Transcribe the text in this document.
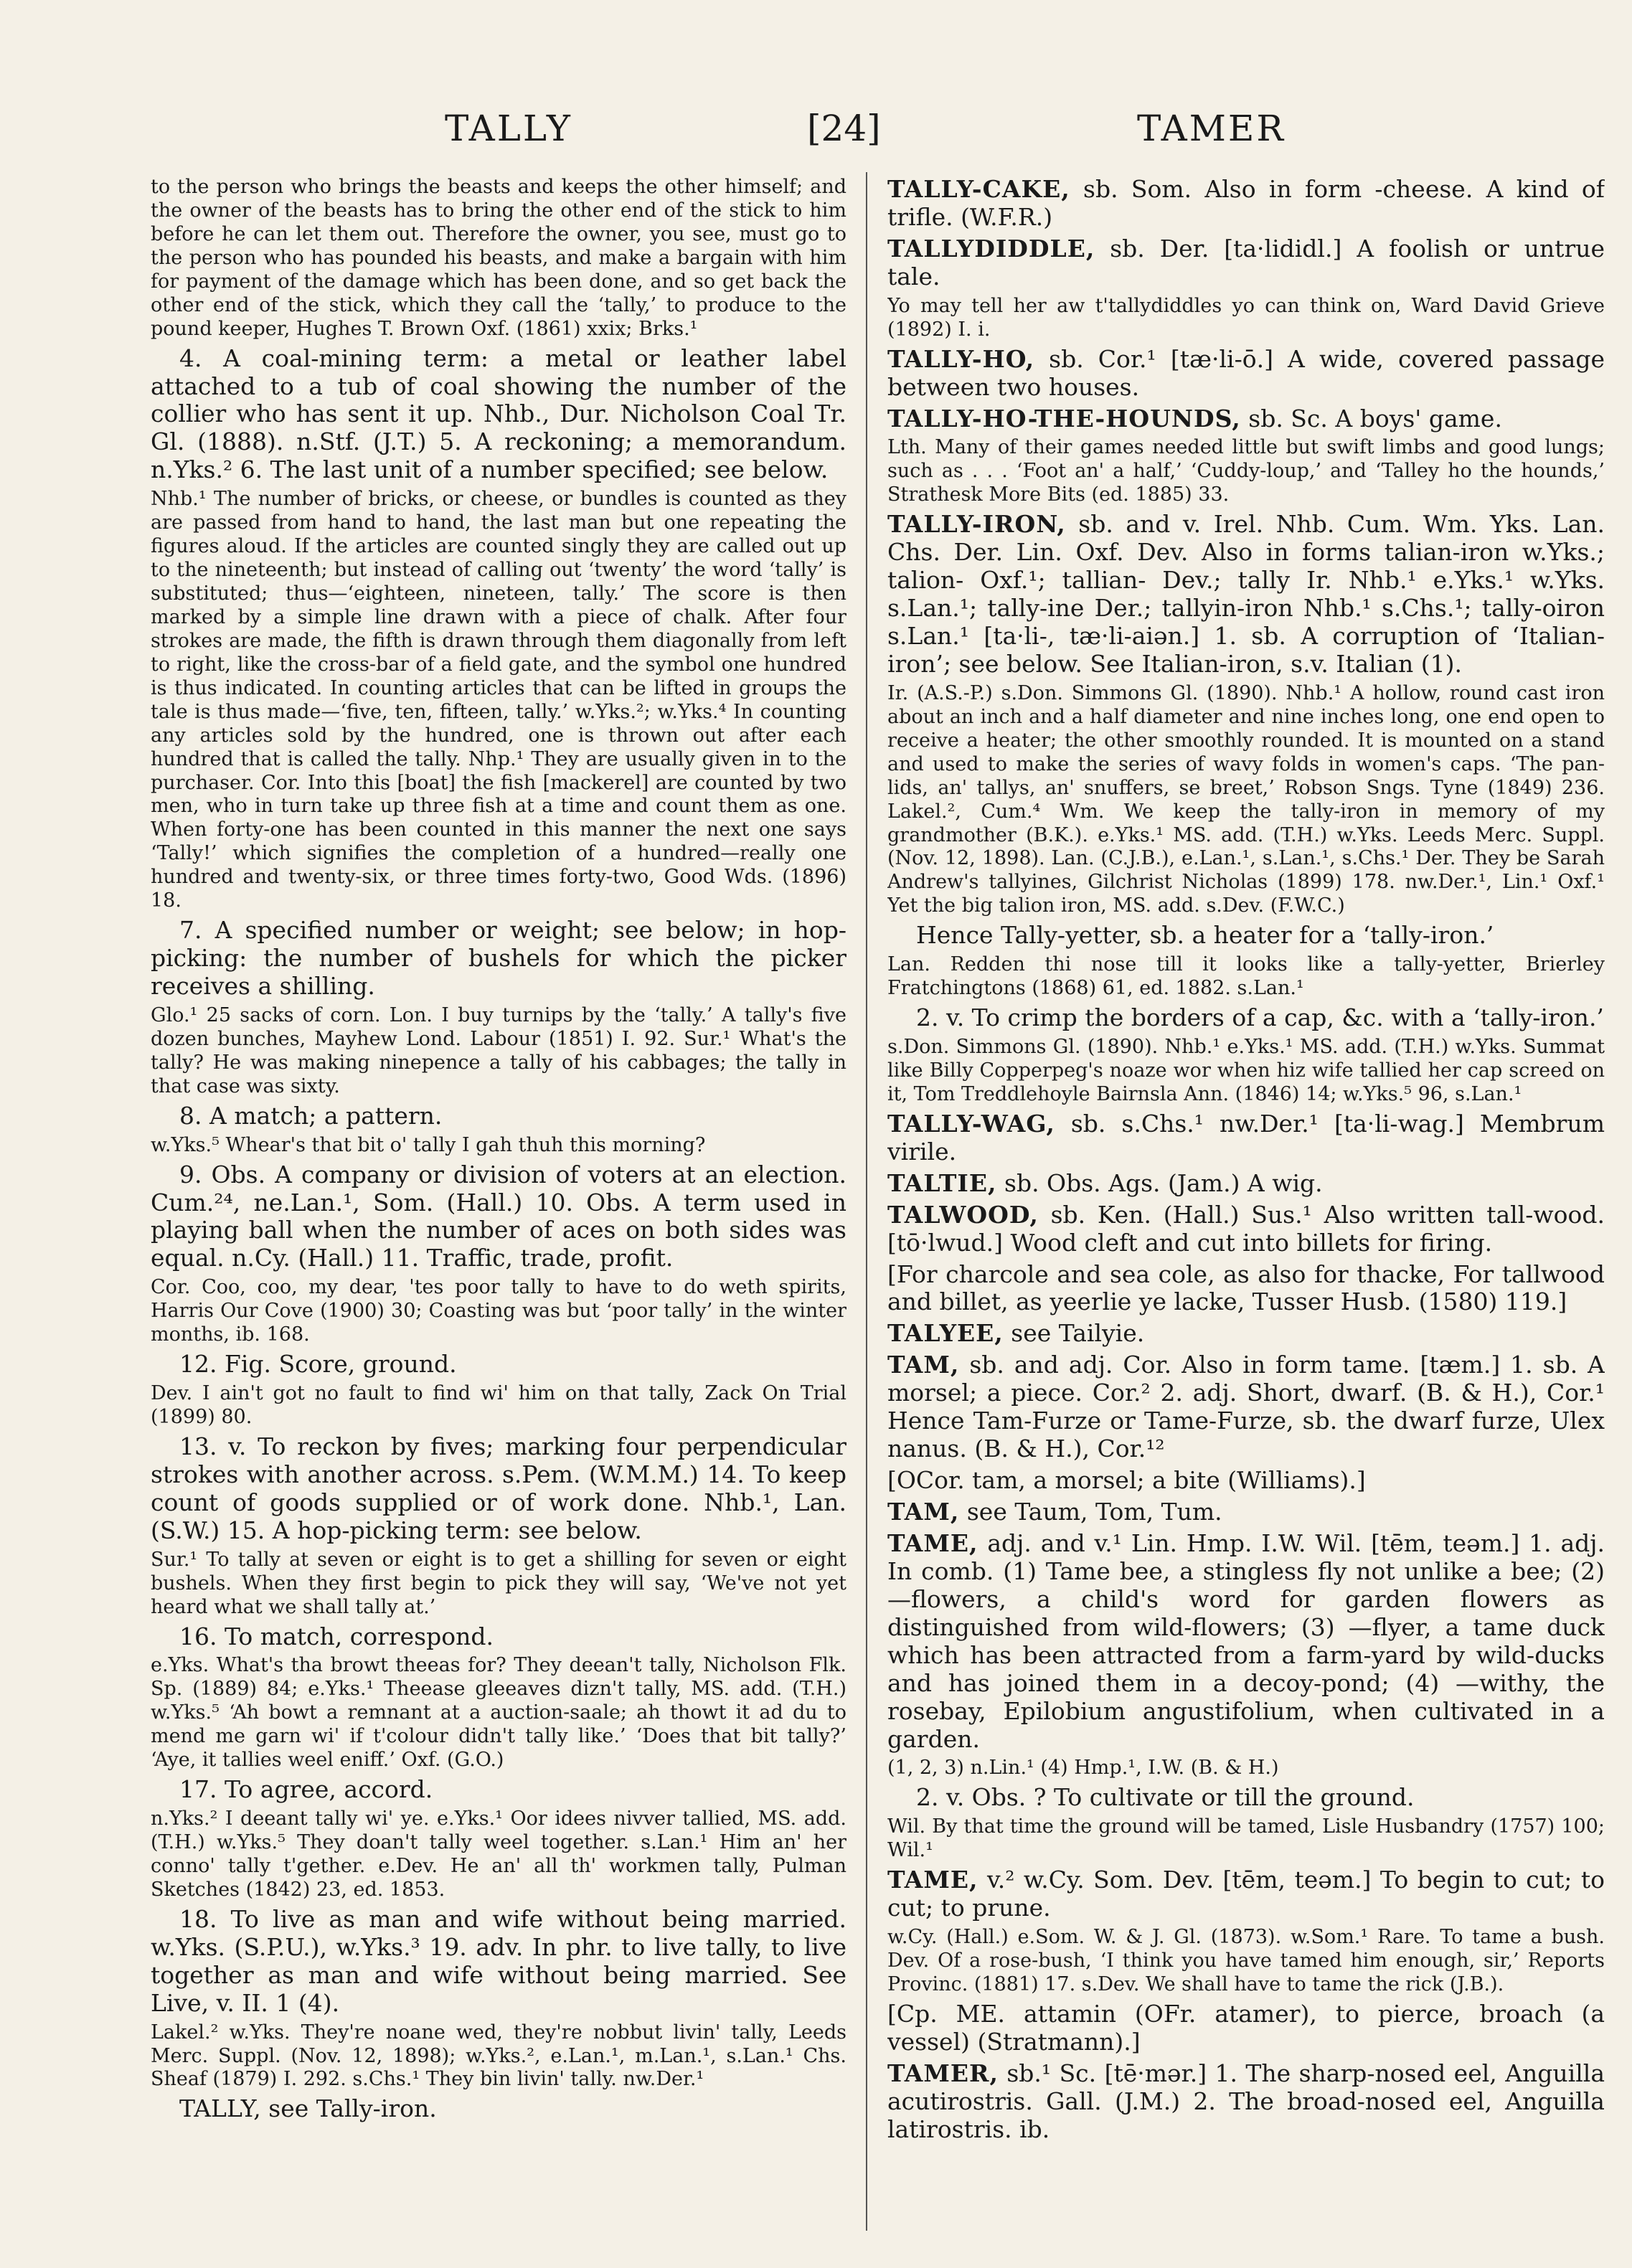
TALLY	[24]	TAMER

to the person who brings the beasts and keeps the other himself; and the owner of the beasts has to bring the other end of the stick to him before he can let them out. Therefore the owner, you see, must go to the person who has pounded his beasts, and make a bargain with him for payment of the damage which has been done, and so get back the other end of the stick, which they call the ‘tally,’ to produce to the pound keeper, Hughes T. Brown Oxf. (1861) xxix; Brks.¹

4. A coal-mining term: a metal or leather label attached to a tub of coal showing the number of the collier who has sent it up. Nhb., Dur. Nicholson Coal Tr. Gl. (1888). n.Stf. (J.T.) 5. A reckoning; a memorandum. n.Yks.² 6. The last unit of a number specified; see below.

Nhb.¹ The number of bricks, or cheese, or bundles is counted as they are passed from hand to hand, the last man but one repeating the figures aloud. If the articles are counted singly they are called out up to the nineteenth; but instead of calling out ‘twenty’ the word ‘tally’ is substituted; thus—‘eighteen, nineteen, tally.’ The score is then marked by a simple line drawn with a piece of chalk. After four strokes are made, the fifth is drawn through them diagonally from left to right, like the cross-bar of a field gate, and the symbol one hundred is thus indicated. In counting articles that can be lifted in groups the tale is thus made—‘five, ten, fifteen, tally.’ w.Yks.²; w.Yks.⁴ In counting any articles sold by the hundred, one is thrown out after each hundred that is called the tally. Nhp.¹ They are usually given in to the purchaser. Cor. Into this [boat] the fish [mackerel] are counted by two men, who in turn take up three fish at a time and count them as one. When forty-one has been counted in this manner the next one says ‘Tally!’ which signifies the completion of a hundred—really one hundred and twenty-six, or three times forty-two, Good Wds. (1896) 18.

7. A specified number or weight; see below; in hop-picking: the number of bushels for which the picker receives a shilling.

Glo.¹ 25 sacks of corn. Lon. I buy turnips by the ‘tally.’ A tally's five dozen bunches, Mayhew Lond. Labour (1851) I. 92. Sur.¹ What's the tally? He was making ninepence a tally of his cabbages; the tally in that case was sixty.

8. A match; a pattern.

w.Yks.⁵ Whear's that bit o' tally I gah thuh this morning?

9. Obs. A company or division of voters at an election. Cum.²⁴, ne.Lan.¹, Som. (Hall.) 10. Obs. A term used in playing ball when the number of aces on both sides was equal. n.Cy. (Hall.) 11. Traffic, trade, profit.

Cor. Coo, coo, my dear, 'tes poor tally to have to do weth spirits, Harris Our Cove (1900) 30; Coasting was but ‘poor tally’ in the winter months, ib. 168.

12. Fig. Score, ground.

Dev. I ain't got no fault to find wi' him on that tally, Zack On Trial (1899) 80.

13. v. To reckon by fives; marking four perpendicular strokes with another across. s.Pem. (W.M.M.) 14. To keep count of goods supplied or of work done. Nhb.¹, Lan. (S.W.) 15. A hop-picking term: see below.

Sur.¹ To tally at seven or eight is to get a shilling for seven or eight bushels. When they first begin to pick they will say, ‘We've not yet heard what we shall tally at.’

16. To match, correspond.

e.Yks. What's tha browt theeas for? They deean't tally, Nicholson Flk. Sp. (1889) 84; e.Yks.¹ Theease gleeaves dizn't tally, MS. add. (T.H.) w.Yks.⁵ ‘Ah bowt a remnant at a auction-saale; ah thowt it ad du to mend me garn wi' if t'colour didn't tally like.’ ‘Does that bit tally?’ ‘Aye, it tallies weel eniff.’ Oxf. (G.O.)

17. To agree, accord.

n.Yks.² I deeant tally wi' ye. e.Yks.¹ Oor idees nivver tallied, MS. add. (T.H.) w.Yks.⁵ They doan't tally weel together. s.Lan.¹ Him an' her conno' tally t'gether. e.Dev. He an' all th' workmen tally, Pulman Sketches (1842) 23, ed. 1853.

18. To live as man and wife without being married. w.Yks. (S.P.U.), w.Yks.³ 19. adv. In phr. to live tally, to live together as man and wife without being married. See Live, v. II. 1 (4).

Lakel.² w.Yks. They're noane wed, they're nobbut livin' tally, Leeds Merc. Suppl. (Nov. 12, 1898); w.Yks.², e.Lan.¹, m.Lan.¹, s.Lan.¹ Chs. Sheaf (1879) I. 292. s.Chs.¹ They bin livin' tally. nw.Der.¹

TALLY, see Tally-iron.

TALLY-CAKE, sb. Som. Also in form -cheese. A kind of trifle. (W.F.R.)

TALLYDIDDLE, sb. Der. [ta·lididl.] A foolish or untrue tale.

Yo may tell her aw t'tallydiddles yo can think on, Ward David Grieve (1892) I. i.

TALLY-HO, sb. Cor.¹ [tæ·li-ō.] A wide, covered passage between two houses.

TALLY-HO-THE-HOUNDS, sb. Sc. A boys' game.

Lth. Many of their games needed little but swift limbs and good lungs; such as . . . ‘Foot an' a half,’ ‘Cuddy-loup,’ and ‘Talley ho the hounds,’ Strathesk More Bits (ed. 1885) 33.

TALLY-IRON, sb. and v. Irel. Nhb. Cum. Wm. Yks. Lan. Chs. Der. Lin. Oxf. Dev. Also in forms talian-iron w.Yks.; talion- Oxf.¹; tallian- Dev.; tally Ir. Nhb.¹ e.Yks.¹ w.Yks. s.Lan.¹; tally-ine Der.; tallyin-iron Nhb.¹ s.Chs.¹; tally-oiron s.Lan.¹ [ta·li-, tæ·li-aiən.] 1. sb. A corruption of ‘Italian-iron’; see below. See Italian-iron, s.v. Italian (1).

Ir. (A.S.-P.) s.Don. Simmons Gl. (1890). Nhb.¹ A hollow, round cast iron about an inch and a half diameter and nine inches long, one end open to receive a heater; the other smoothly rounded. It is mounted on a stand and used to make the series of wavy folds in women's caps. ‘The pan-lids, an' tallys, an' snuffers, se breet,’ Robson Sngs. Tyne (1849) 236. Lakel.², Cum.⁴ Wm. We keep the tally-iron in memory of my grandmother (B.K.). e.Yks.¹ MS. add. (T.H.) w.Yks. Leeds Merc. Suppl. (Nov. 12, 1898). Lan. (C.J.B.), e.Lan.¹, s.Lan.¹, s.Chs.¹ Der. They be Sarah Andrew's tallyines, Gilchrist Nicholas (1899) 178. nw.Der.¹, Lin.¹ Oxf.¹ Yet the big talion iron, MS. add. s.Dev. (F.W.C.)

Hence Tally-yetter, sb. a heater for a ‘tally-iron.’

Lan. Redden thi nose till it looks like a tally-yetter, Brierley Fratchingtons (1868) 61, ed. 1882. s.Lan.¹

2. v. To crimp the borders of a cap, &c. with a ‘tally-iron.’

s.Don. Simmons Gl. (1890). Nhb.¹ e.Yks.¹ MS. add. (T.H.) w.Yks. Summat like Billy Copperpeg's noaze wor when hiz wife tallied her cap screed on it, Tom Treddlehoyle Bairnsla Ann. (1846) 14; w.Yks.⁵ 96, s.Lan.¹

TALLY-WAG, sb. s.Chs.¹ nw.Der.¹ [ta·li-wag.] Membrum virile.

TALTIE, sb. Obs. Ags. (Jam.) A wig.

TALWOOD, sb. Ken. (Hall.) Sus.¹ Also written tall-wood. [tō·lwud.] Wood cleft and cut into billets for firing.

[For charcole and sea cole, as also for thacke, For tallwood and billet, as yeerlie ye lacke, Tusser Husb. (1580) 119.]

TALYEE, see Tailyie.

TAM, sb. and adj. Cor. Also in form tame. [tæm.] 1. sb. A morsel; a piece. Cor.² 2. adj. Short, dwarf. (B. & H.), Cor.¹ Hence Tam-Furze or Tame-Furze, sb. the dwarf furze, Ulex nanus. (B. & H.), Cor.¹²

[OCor. tam, a morsel; a bite (Williams).]

TAM, see Taum, Tom, Tum.

TAME, adj. and v.¹ Lin. Hmp. I.W. Wil. [tēm, teəm.] 1. adj. In comb. (1) Tame bee, a stingless fly not unlike a bee; (2) —flowers, a child's word for garden flowers as distinguished from wild-flowers; (3) —flyer, a tame duck which has been attracted from a farm-yard by wild-ducks and has joined them in a decoy-pond; (4) —withy, the rosebay, Epilobium angustifolium, when cultivated in a garden.

(1, 2, 3) n.Lin.¹ (4) Hmp.¹, I.W. (B. & H.)

2. v. Obs. ? To cultivate or till the ground.

Wil. By that time the ground will be tamed, Lisle Husbandry (1757) 100; Wil.¹

TAME, v.² w.Cy. Som. Dev. [tēm, teəm.] To begin to cut; to cut; to prune.

w.Cy. (Hall.) e.Som. W. & J. Gl. (1873). w.Som.¹ Rare. To tame a bush. Dev. Of a rose-bush, ‘I think you have tamed him enough, sir,’ Reports Provinc. (1881) 17. s.Dev. We shall have to tame the rick (J.B.).

[Cp. ME. attamin (OFr. atamer), to pierce, broach (a vessel) (Stratmann).]

TAMER, sb.¹ Sc. [tē·mər.] 1. The sharp-nosed eel, Anguilla acutirostris. Gall. (J.M.) 2. The broad-nosed eel, Anguilla latirostris. ib.
